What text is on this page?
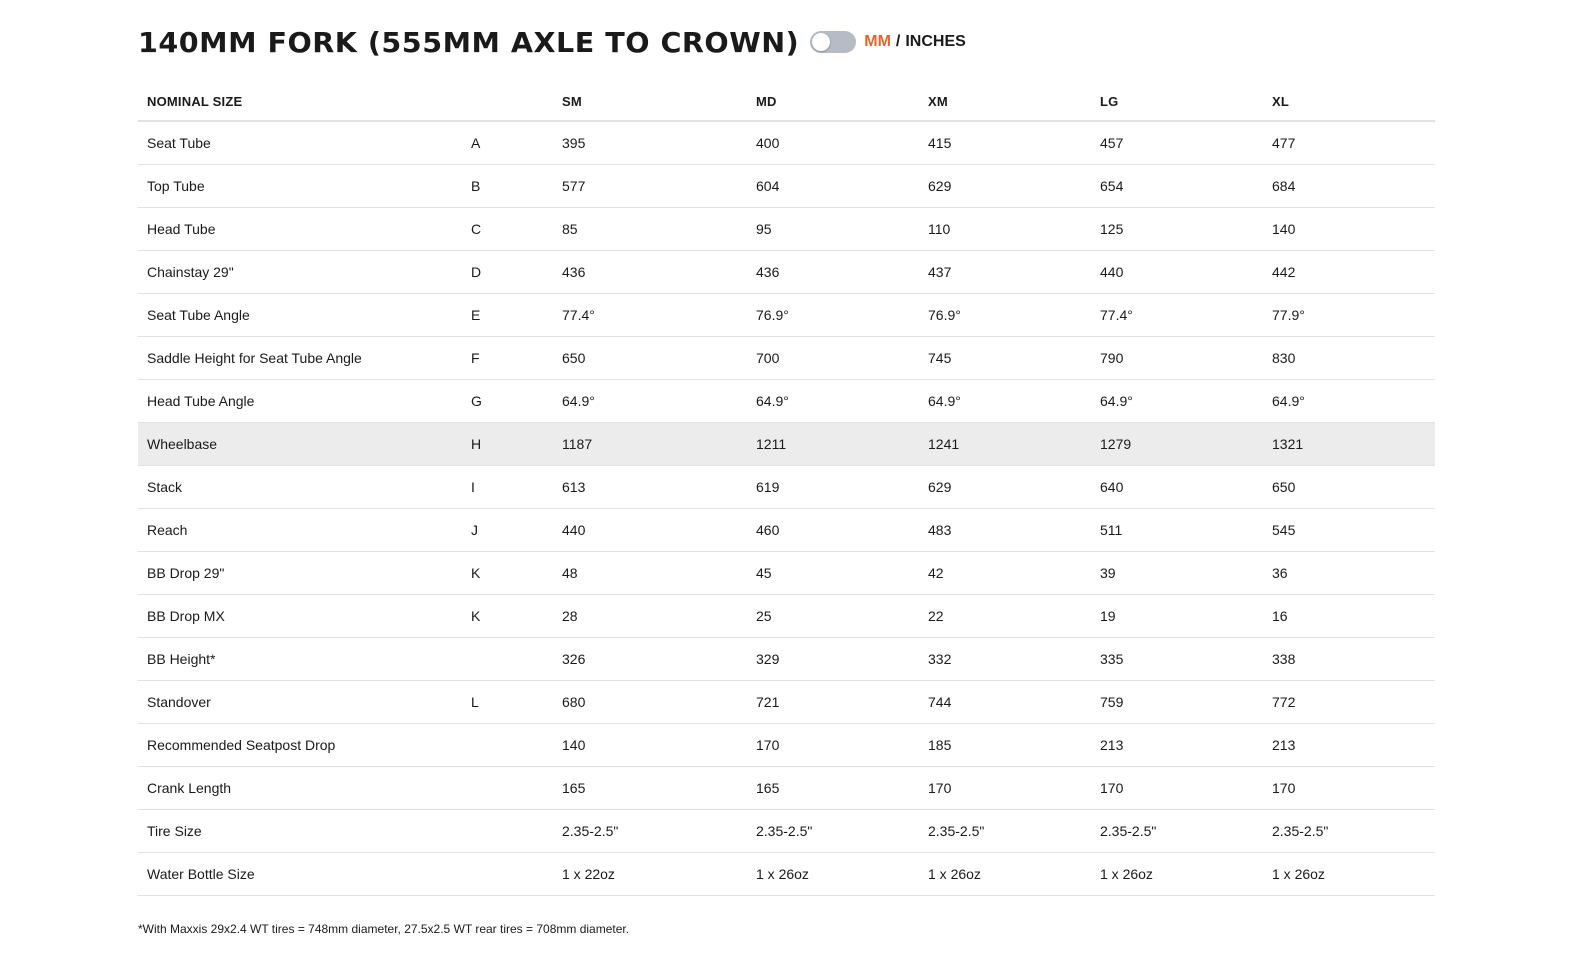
140MM FORK (555MM AXLE TO CROWN)	MM / INCHES
NOMINAL SIZE		SM	MD	XM	LG	XL
Seat Tube	A	395	400	415	457	477
Top Tube	B	577	604	629	654	684
Head Tube	C	85	95	110	125	140
Chainstay 29"	D	436	436	437	440	442
Seat Tube Angle	E	77.4°	76.9°	76.9°	77.4°	77.9°
Saddle Height for Seat Tube Angle	F	650	700	745	790	830
Head Tube Angle	G	64.9°	64.9°	64.9°	64.9°	64.9°
Wheelbase	H	1187	1211	1241	1279	1321
Stack	I	613	619	629	640	650
Reach	J	440	460	483	511	545
BB Drop 29"	K	48	45	42	39	36
BB Drop MX	K	28	25	22	19	16
BB Height*		326	329	332	335	338
Standover	L	680	721	744	759	772
Recommended Seatpost Drop		140	170	185	213	213
Crank Length		165	165	170	170	170
Tire Size		2.35-2.5"	2.35-2.5"	2.35-2.5"	2.35-2.5"	2.35-2.5"
Water Bottle Size		1 x 22oz	1 x 26oz	1 x 26oz	1 x 26oz	1 x 26oz

*With Maxxis 29x2.4 WT tires = 748mm diameter, 27.5x2.5 WT rear tires = 708mm diameter.
